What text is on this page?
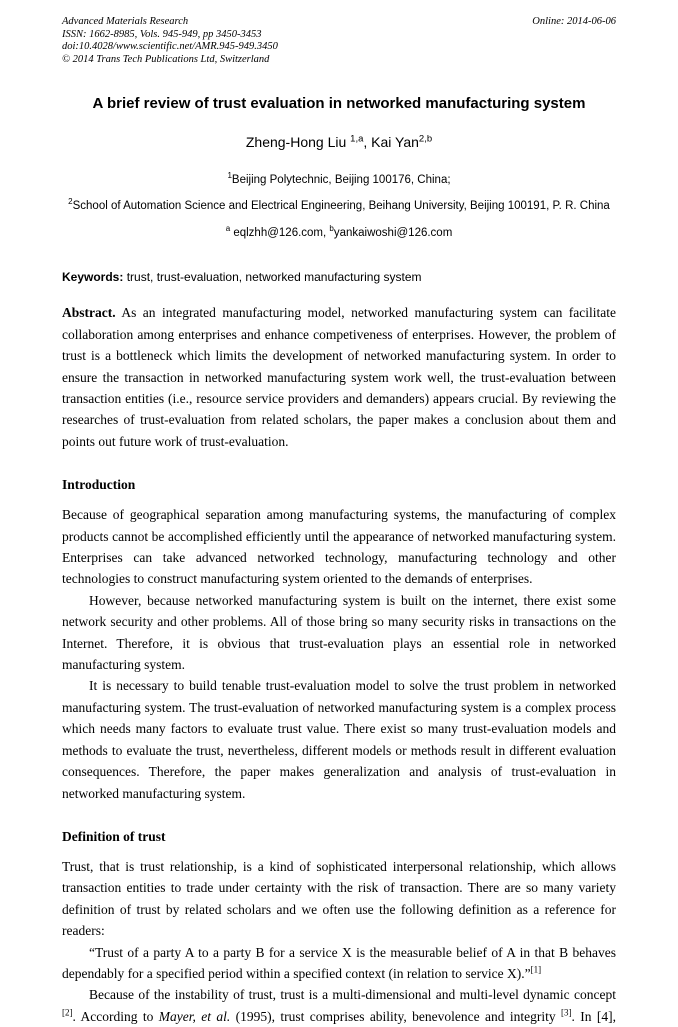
Advanced Materials Research
ISSN: 1662-8985, Vols. 945-949, pp 3450-3453
doi:10.4028/www.scientific.net/AMR.945-949.3450
© 2014 Trans Tech Publications Ltd, Switzerland
Online: 2014-06-06
A brief review of trust evaluation in networked manufacturing system
Zheng-Hong Liu $^{1,a}$, Kai Yan$^{2,b}$
$^1$Beijing Polytechnic, Beijing 100176, China;
$^2$School of Automation Science and Electrical Engineering, Beihang University, Beijing 100191, P. R. China
$^a$ eqlzhh@126.com, $^b$yankaiwoshi@126.com

Keywords: trust, trust-evaluation, networked manufacturing system

Abstract. As an integrated manufacturing model, networked manufacturing system can facilitate collaboration among enterprises and enhance competiveness of enterprises. However, the problem of trust is a bottleneck which limits the development of networked manufacturing system. In order to ensure the transaction in networked manufacturing system work well, the trust-evaluation between transaction entities (i.e., resource service providers and demanders) appears crucial. By reviewing the researches of trust-evaluation from related scholars, the paper makes a conclusion about them and points out future work of trust-evaluation.

Introduction

Because of geographical separation among manufacturing systems, the manufacturing of complex products cannot be accomplished efficiently until the appearance of networked manufacturing system. Enterprises can take advanced networked technology, manufacturing technology and other technologies to construct manufacturing system oriented to the demands of enterprises.

However, because networked manufacturing system is built on the internet, there exist some network security and other problems. All of those bring so many security risks in transactions on the Internet. Therefore, it is obvious that trust-evaluation plays an essential role in networked manufacturing system.

It is necessary to build tenable trust-evaluation model to solve the trust problem in networked manufacturing system. The trust-evaluation of networked manufacturing system is a complex process which needs many factors to evaluate trust value. There exist so many trust-evaluation models and methods to evaluate the trust, nevertheless, different models or methods result in different evaluation consequences. Therefore, the paper makes generalization and analysis of trust-evaluation in networked manufacturing system.

Definition of trust

Trust, that is trust relationship, is a kind of sophisticated interpersonal relationship, which allows transaction entities to trade under certainty with the risk of transaction. There are so many variety definition of trust by related scholars and we often use the following definition as a reference for readers:

“Trust of a party A to a party B for a service X is the measurable belief of A in that B behaves dependably for a specified period within a specified context (in relation to service X).”[1]

Because of the instability of trust, trust is a multi-dimensional and multi-level dynamic concept [2]. According to Mayer, et al. (1995), trust comprises ability, benevolence and integrity [3]. In [4],
